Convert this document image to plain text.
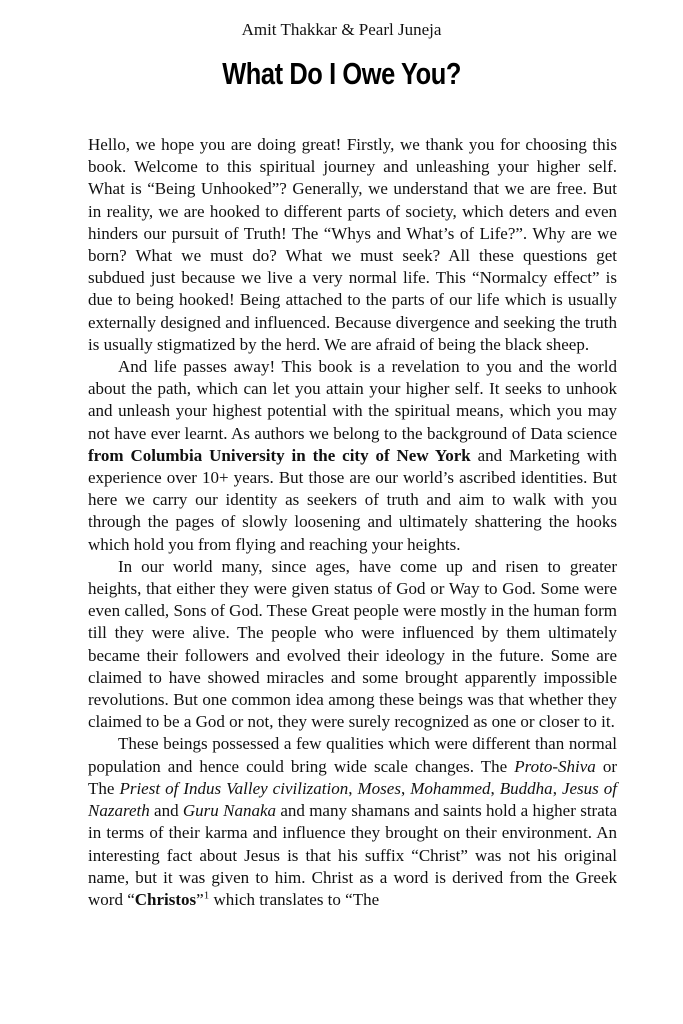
Amit Thakkar & Pearl Juneja
What Do I Owe You?

Hello, we hope you are doing great! Firstly, we thank you for choosing this book. Welcome to this spiritual journey and unleashing your higher self. What is “Being Unhooked”? Generally, we understand that we are free. But in reality, we are hooked to different parts of society, which deters and even hinders our pursuit of Truth! The “Whys and What’s of Life?”. Why are we born? What we must do? What we must seek? All these questions get subdued just because we live a very normal life. This “Normalcy effect” is due to being hooked! Being attached to the parts of our life which is usually externally designed and influenced. Because divergence and seeking the truth is usually stigmatized by the herd. We are afraid of being the black sheep.

And life passes away! This book is a revelation to you and the world about the path, which can let you attain your higher self. It seeks to unhook and unleash your highest potential with the spiritual means, which you may not have ever learnt. As authors we belong to the background of Data science from Columbia University in the city of New York and Marketing with experience over 10+ years. But those are our world’s ascribed identities. But here we carry our identity as seekers of truth and aim to walk with you through the pages of slowly loosening and ultimately shattering the hooks which hold you from flying and reaching your heights.

In our world many, since ages, have come up and risen to greater heights, that either they were given status of God or Way to God. Some were even called, Sons of God. These Great people were mostly in the human form till they were alive. The people who were influenced by them ultimately became their followers and evolved their ideology in the future. Some are claimed to have showed miracles and some brought apparently impossible revolutions. But one common idea among these beings was that whether they claimed to be a God or not, they were surely recognized as one or closer to it.

These beings possessed a few qualities which were different than normal population and hence could bring wide scale changes. The Proto-Shiva or The Priest of Indus Valley civilization, Moses, Mohammed, Buddha, Jesus of Nazareth and Guru Nanaka and many shamans and saints hold a higher strata in terms of their karma and influence they brought on their environment. An interesting fact about Jesus is that his suffix “Christ” was not his original name, but it was given to him. Christ as a word is derived from the Greek word “Christos”$^1$ which translates to “The
